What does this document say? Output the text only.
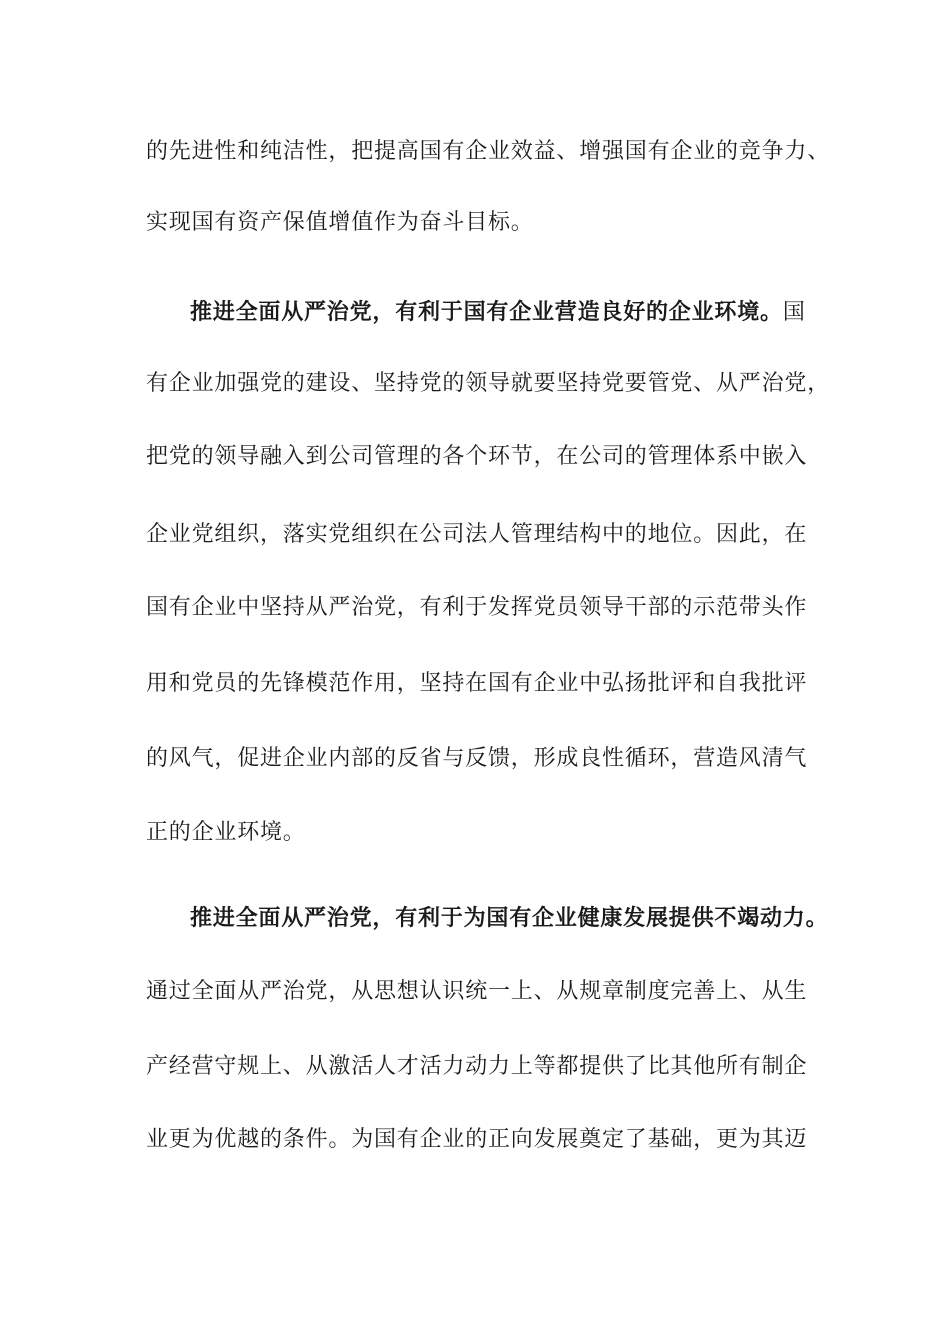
的先进性和纯洁性，把提高国有企业效益、增强国有企业的竞争力、
实现国有资产保值增值作为奋斗目标。
推进全面从严治党，有利于国有企业营造良好的企业环境。国
有企业加强党的建设、坚持党的领导就要坚持党要管党、从严治党，
把党的领导融入到公司管理的各个环节，在公司的管理体系中嵌入
企业党组织，落实党组织在公司法人管理结构中的地位。因此，在
国有企业中坚持从严治党，有利于发挥党员领导干部的示范带头作
用和党员的先锋模范作用，坚持在国有企业中弘扬批评和自我批评
的风气，促进企业内部的反省与反馈，形成良性循环，营造风清气
正的企业环境。
推进全面从严治党，有利于为国有企业健康发展提供不竭动力。
通过全面从严治党，从思想认识统一上、从规章制度完善上、从生
产经营守规上、从激活人才活力动力上等都提供了比其他所有制企
业更为优越的条件。为国有企业的正向发展奠定了基础，更为其迈
